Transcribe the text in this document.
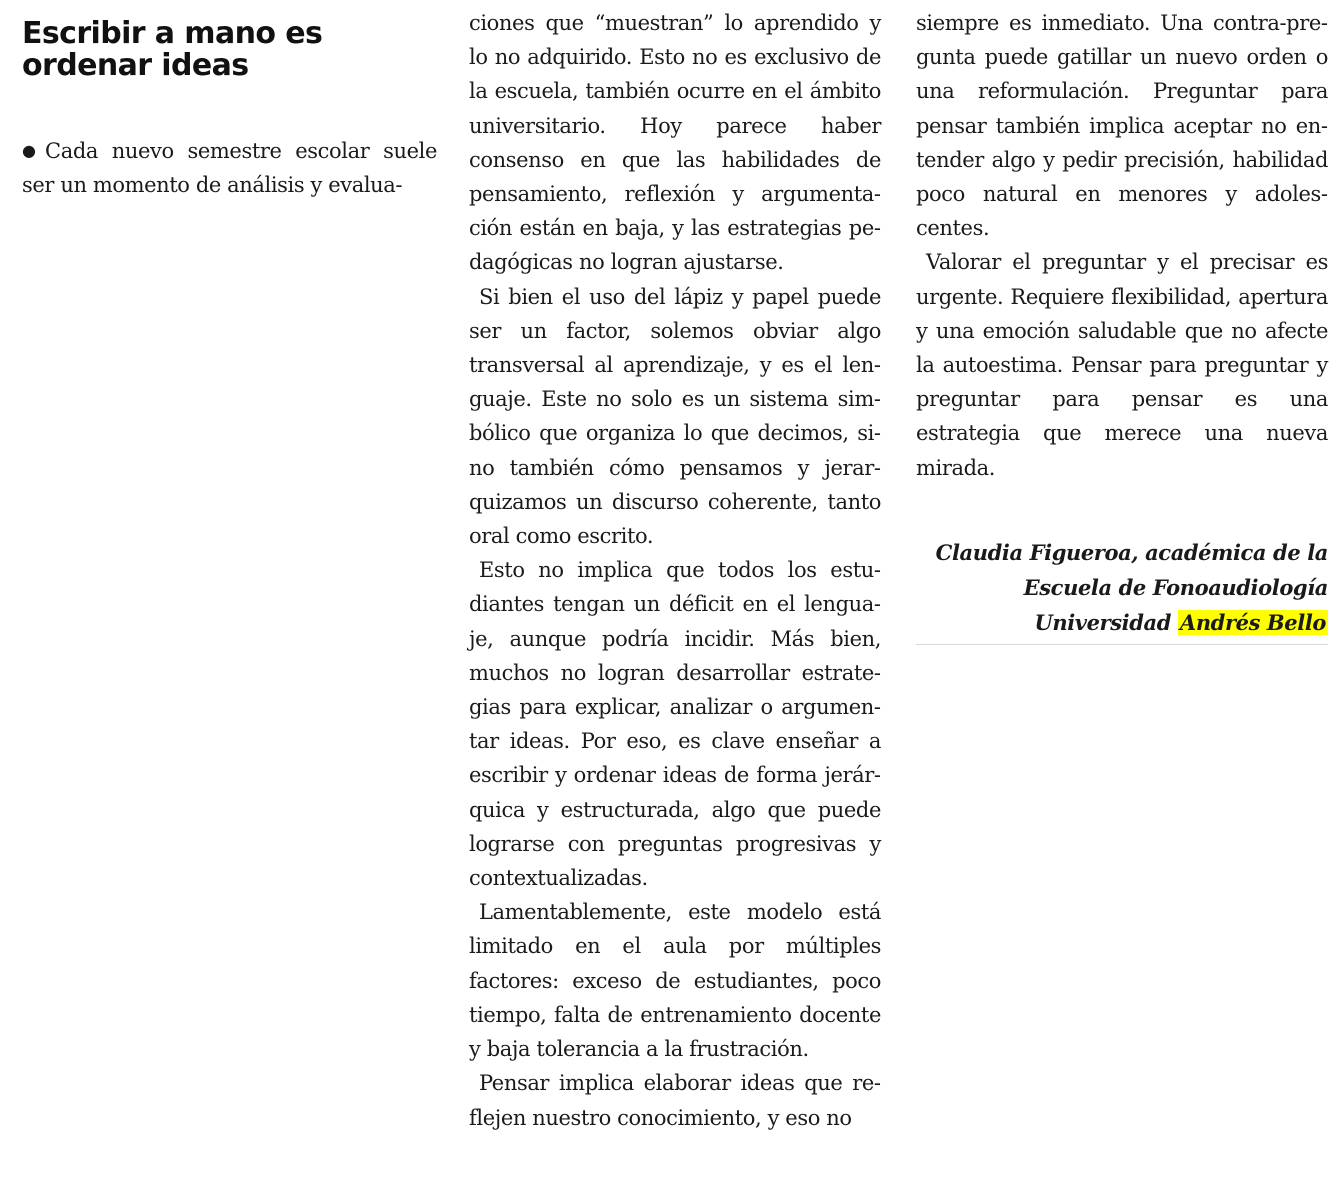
Escribir a mano es ordenar ideas

●Cada nuevo semestre escolar suele ser un momento de análisis y evalua-

ciones que “muestran” lo aprendido y lo no adquirido. Esto no es exclusivo de la escuela, también ocurre en el ámbito universitario. Hoy parece haber consenso en que las habilidades de pensamiento, reflexión y argumentación están en baja, y las estrategias pedagógicas no logran ajustarse.

Si bien el uso del lápiz y papel puede ser un factor, solemos obviar algo transversal al aprendizaje, y es el lenguaje. Este no solo es un sistema simbólico que organiza lo que decimos, sino también cómo pensamos y jerarquizamos un discurso coherente, tanto oral como escrito.

Esto no implica que todos los estudiantes tengan un déficit en el lenguaje, aunque podría incidir. Más bien, muchos no logran desarrollar estrategias para explicar, analizar o argumentar ideas. Por eso, es clave enseñar a escribir y ordenar ideas de forma jerárquica y estructurada, algo que puede lograrse con preguntas progresivas y contextualizadas.

Lamentablemente, este modelo está limitado en el aula por múltiples factores: exceso de estudiantes, poco tiempo, falta de entrenamiento docente y baja tolerancia a la frustración.

Pensar implica elaborar ideas que reflejen nuestro conocimiento, y eso no

siempre es inmediato. Una contra-pregunta puede gatillar un nuevo orden o una reformulación. Preguntar para pensar también implica aceptar no entender algo y pedir precisión, habilidad poco natural en menores y adolescentes.

Valorar el preguntar y el precisar es urgente. Requiere flexibilidad, apertura y una emoción saludable que no afecte la autoestima. Pensar para preguntar y preguntar para pensar es una estrategia que merece una nueva mirada.

Claudia Figueroa, académica de la Escuela de Fonoaudiología Universidad Andrés Bello
